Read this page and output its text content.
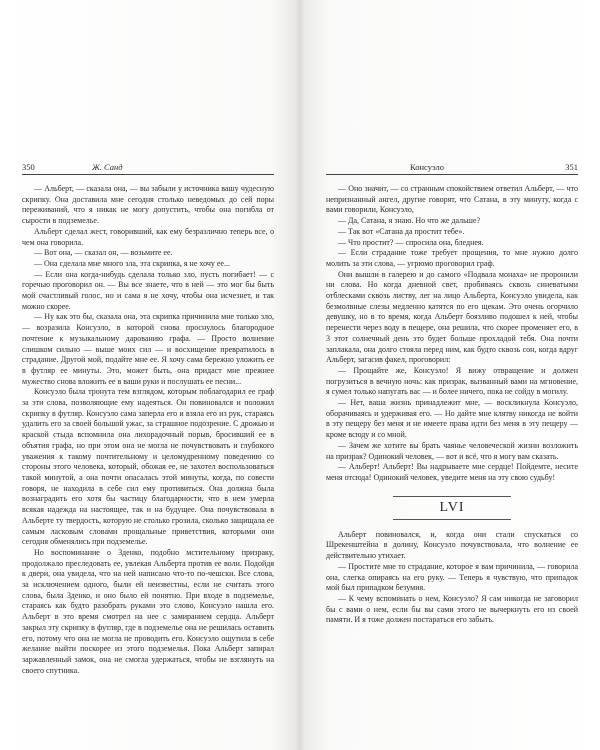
350	Ж. Санд

— Альберт, — сказала она, — вы забыли у источника вашу чудесную скрипку. Она доставила мне сегодня столько неведомых до сей поры переживаний, что я никак не могу допустить, чтобы она погибла от сырости в подземелье.

Альберт сделал жест, говоривший, как ему безразлично теперь все, о чем она говорила.

— Вот она, — сказал он, — возьмите ее.

— Она сделала мне много зла, эта скрипка, я не хочу ее...

— Если она когда-нибудь сделала только зло, пусть погибает! — с горечью проговорил он. — Вы все знаете, что в ней — это мог бы быть мой счастливый голос, но и сама я не хочу, чтобы она исчезнет, и так можно скорее.

— Ну как это бы, сказала она, эта скрипка причинила мне только зло, — возразила Консуэло, в которой снова проснулось благородное почтение к музыкальному дарованию графа. — Просто волнение слишком сильно — выше моих сил — и восхищение превратилось в страдание. Другой мой, подайте мне ее. Я хочу сама бережно уложить ее в футляр ее минуты. Это, может быть, она придаст мне прежнее мужество снова вложить ее в ваши руки и послушать ее песни...

Консуэло была тронута тем взглядом, которым поблагодарил ее граф за эти слова, позволяющие ему надеяться. Он повиновался и положил скрипку в футляр. Консуэло сама заперла его и взяла его из рук, стараясь удалить его за своей большой ужас, за страшное подозрение. С дрожью и краской стыда вспомнила она лихорадочный порыв, бросивший ее в объятия графа, но при этом она не могла не почувствовать и глубокого уважения к такому почтительному и целомудренному поведению со стороны этого человека, который, обожая ее, не захотел воспользоваться такой минутой, а она почти опасалась этой минуты, когда, по совести говоря, не находила в себе сил ему противиться. Она должна была вознаградить его хотя бы частицу благодарности, что в нем умерла всякая надежда на настоящее, так и на будущее. Она почувствовала в Альберте ту твердость, которую не столько грозила, сколько защищала ее самым ласковым словами прощальные приветствия, которыми они сегодня обменялись при подземелье.

Но воспоминание о Зденко, подобно мстительному призраку, продолжало преследовать ее, увлекая Альберта против ее воли. Подойдя к двери, она увидела, что на ней написано что-то по-чешски. Все слова, за исключением одного, были ей неизвестны, если не считать этого слова, была Зденко, и оно было ей понятно. При входе в подземелье, стараясь как будто разобрать руками это слово, Консуэло нашла его. Альберт в это время смотрел на нее с замиранием сердца. Альберт закрыл эту скрипку в футляр, где в подземелье она не решилась оставить его, потому что она не могла не проводить его. Консуэло ощутила в себе желание выйти поскорее из этого подземелья. Пока Альберт запирал заржавленный замок, она не смогла удержаться, чтобы не взглянуть на своего спутника.

Консуэло	351

— Оно значит, — со странным спокойствием ответил Альберт, — что непризнанный ангел, другие говорят, что Сатана, в эту минуту, когда с вами говорили, Консуэло,

— Да, Сатана, я знаю. Но что же дальше?

— Так вот «Сатана да простит тебе».

— Что простит? — спросила она, бледнея.

— Если страдание тоже требует прощения, то мне нужно долго молить за эти слова, — угрюмо проговорил граф.

Они вышли в галерею и до самого «Подвала монаха» не проронили ни слова. Но когда дневной свет, пробиваясь сквозь синеватыми отблесками сквозь листву, лег на лицо Альберта, Консуэло увидела, как безмолвные слезы медленно катятся по его щекам. Это очень огорчило девушку, но в то время, когда Альберт боязливо подошел к ней, чтобы перенести через воду в пещере, она решила, что скорее променяет его, в 3 этот солнечный день это будет больше прохладой тебя. Она почти заплакала, она долго стояла перед ним, как будто сквозь сон, когда вдруг Альберт, загасив факел, проговорил:

— Прощайте же, Консуэло! Я вижу отвращение и должен погрузиться в вечную ночь: как призрак, вызванный вами на мгновение, я сумел только напугать вас — и более ничего, пока не сойду в могилу.

— Нет, ваша жизнь принадлежит мне, — воскликнула Консуэло, оборачиваясь и удерживая его. — Но дайте мне клятву никогда не войти в эту пещеру без меня и не имеете права идти без меня в эту пещеру — кроме всюду и со мной.

— Зачем же хотите вы брать чаянье человеческой жизни возложить на призрак? Одинокий человек, — вот и всё, что я могу вам сказать.

— Альберт! Альберт! Вы надрываете мне сердце! Пойдемте, несите меня отсюда! Одинокий человек, уведите меня на эту свою судьбу!

LVI

Альберт повиновался, и, когда они стали спускаться со Шрекенштейна в долину, Консуэло почувствовала, что волнение ее действительно утихает.

— Простите мне то страдание, которое я вам причинила, — говорила она, слегка опираясь на его руку. — Теперь я чувствую, что припадок мой был припадком безумия.

— К чему вспоминать о нем, Консуэло? Я сам никогда не заговорил бы с вами о нем, если бы вы сами этого не вычеркнуть его из своей памяти. И я тоже должен постараться его забыть.
